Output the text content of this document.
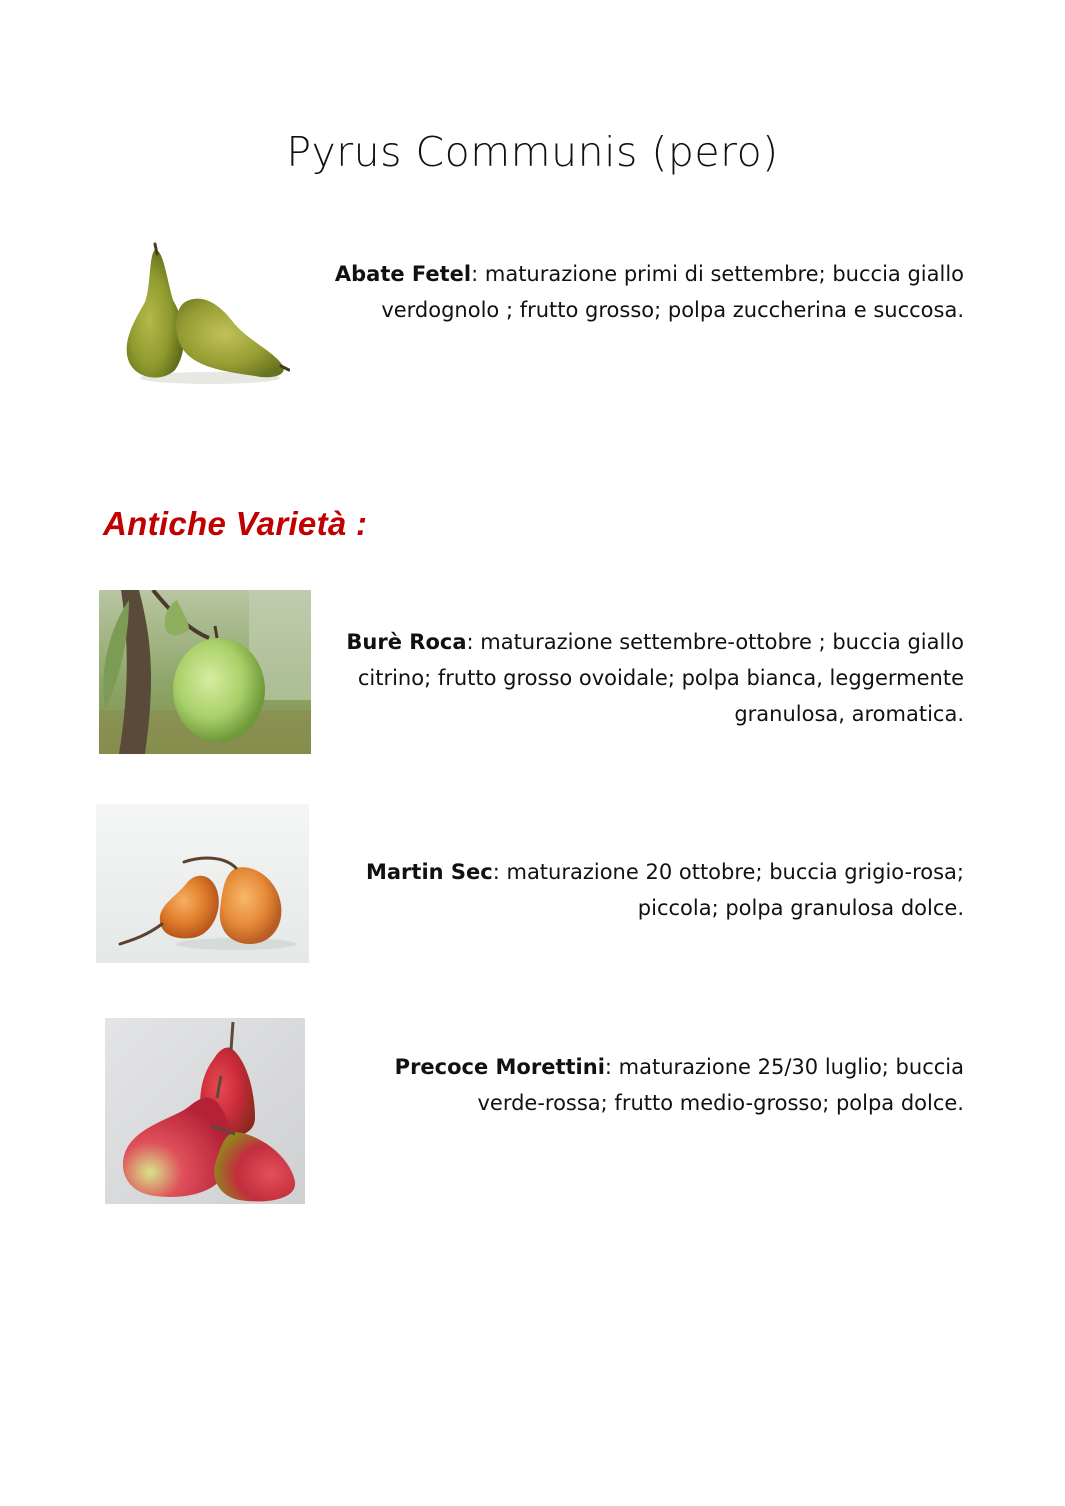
Pyrus Communis (pero)
Abate Fetel: maturazione primi di settembre; buccia giallo verdognolo ; frutto grosso; polpa zuccherina e succosa.
Antiche Varietà :
Burè Roca: maturazione settembre-ottobre ; buccia giallo citrino; frutto grosso ovoidale; polpa bianca, leggermente granulosa, aromatica.
Martin Sec: maturazione 20 ottobre; buccia grigio-rosa; piccola; polpa granulosa dolce.
Precoce Morettini: maturazione 25/30 luglio; buccia verde-rossa; frutto medio-grosso; polpa dolce.
